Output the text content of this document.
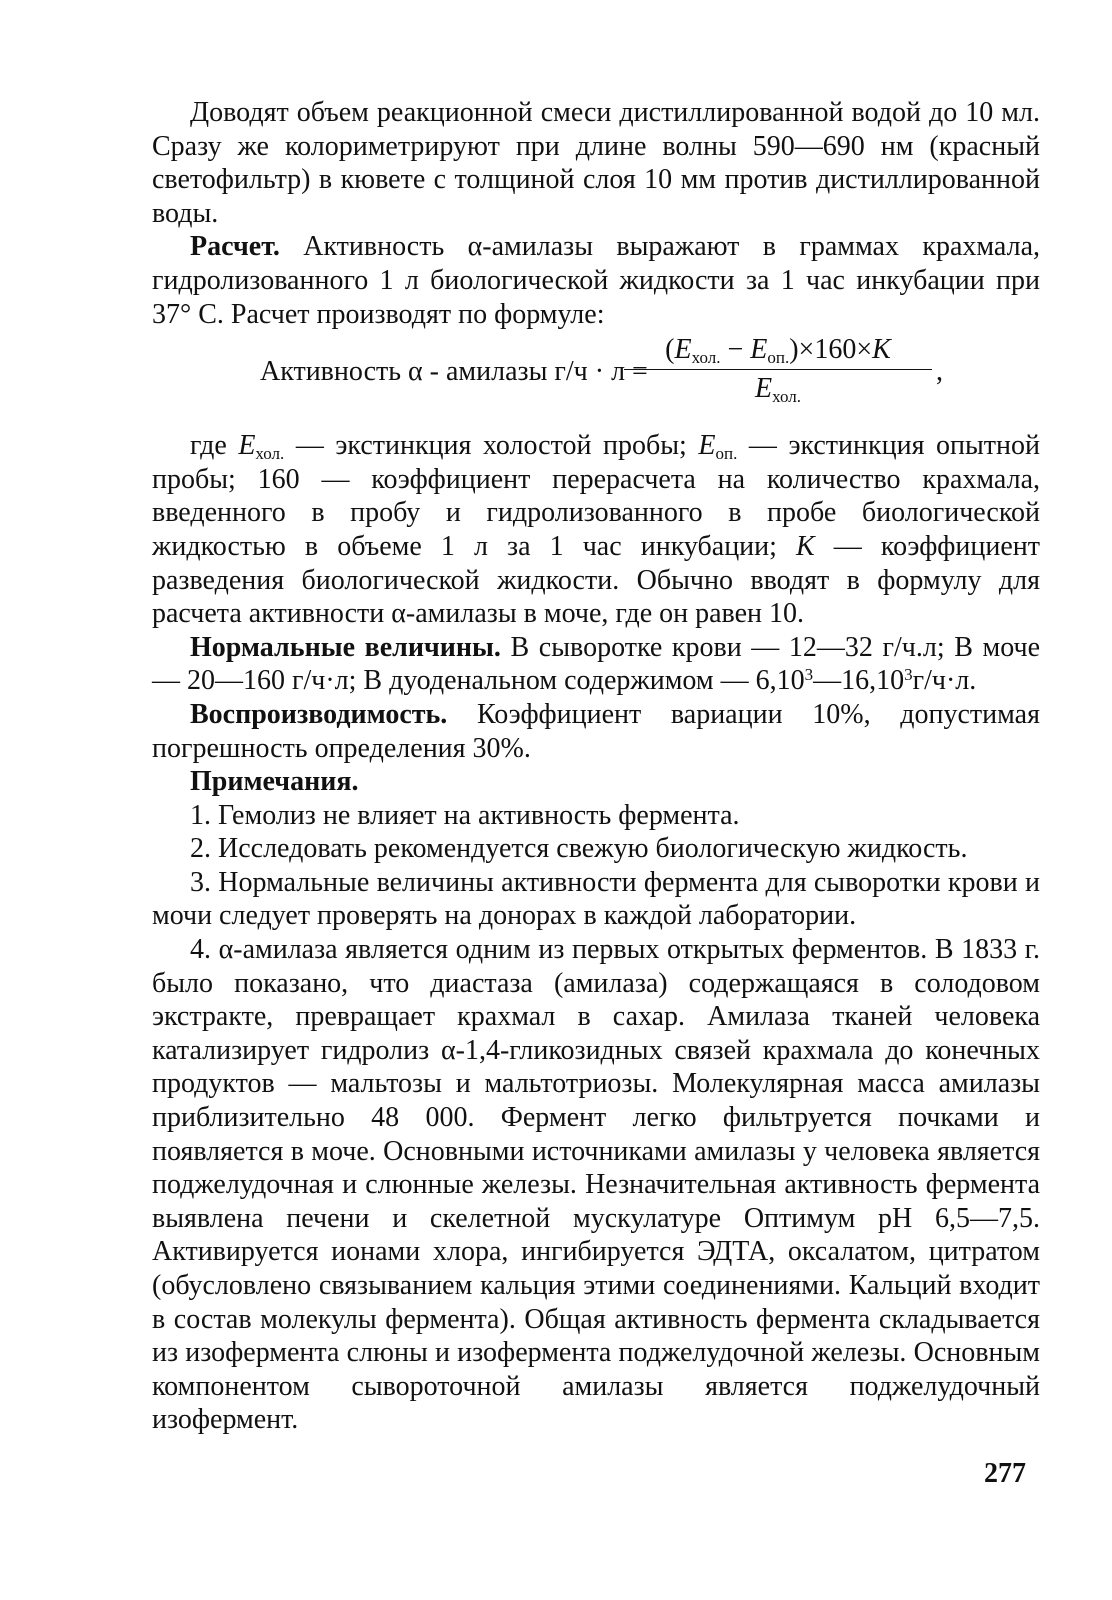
Доводят объем реакционной смеси дистиллированной водой до 10 мл. Сразу же колориметрируют при длине волны 590—690 нм (красный светофильтр) в кювете с толщиной слоя 10 мм против дистиллированной воды.

Расчет. Активность α-амилазы выражают в граммах крахмала, гидролизованного 1 л биологической жидкости за 1 час инкубации при 37° С. Расчет производят по формуле:

Активность α - амилазы г/ч · л =
$(E_{хол.} - E_{оп.})\times 160\times K$
$E_{хол.}$
,

где $E_{хол.}$ — экстинкция холостой пробы; $E_{оп.}$ — экстинкция опытной пробы; 160 — коэффициент перерасчета на количество крахмала, введенного в пробу и гидролизованного в пробе биологической жидкостью в объеме 1 л за 1 час инкубации; K — коэффициент разведения биологической жидкости. Обычно вводят в формулу для расчета активности α-амилазы в моче, где он равен 10.

Нормальные величины. В сыворотке крови — 12—32 г/ч.л; В моче — 20—160 г/ч·л; В дуоденальном содержимом — $6,10^3—16,10^3г/ч\cdot л$.

Воспроизводимость. Коэффициент вариации 10%, допустимая погрешность определения 30%.

Примечания.

1. Гемолиз не влияет на активность фермента.

2. Исследовать рекомендуется свежую биологическую жидкость.

3. Нормальные величины активности фермента для сыворотки крови и мочи следует проверять на донорах в каждой лаборатории.

4. α-амилаза является одним из первых открытых ферментов. В 1833 г. было показано, что диастаза (амилаза) содержащаяся в солодовом экстракте, превращает крахмал в сахар. Амилаза тканей человека катализирует гидролиз α-1,4-гликозидных связей крахмала до конечных продуктов — мальтозы и мальтотриозы. Молекулярная масса амилазы приблизительно 48 000. Фермент легко фильтруется почками и появляется в моче. Основными источниками амилазы у человека является поджелудочная и слюнные железы. Незначительная активность фермента выявлена печени и скелетной мускулатуре Оптимум pH 6,5—7,5. Активируется ионами хлора, ингибируется ЭДТА, оксалатом, цитратом (обусловлено связыванием кальция этими соединениями. Кальций входит в состав молекулы фермента). Общая активность фермента складывается из изофермента слюны и изофермента поджелудочной железы. Основным компонентом сывороточной амилазы является поджелудочный изофермент.

277
